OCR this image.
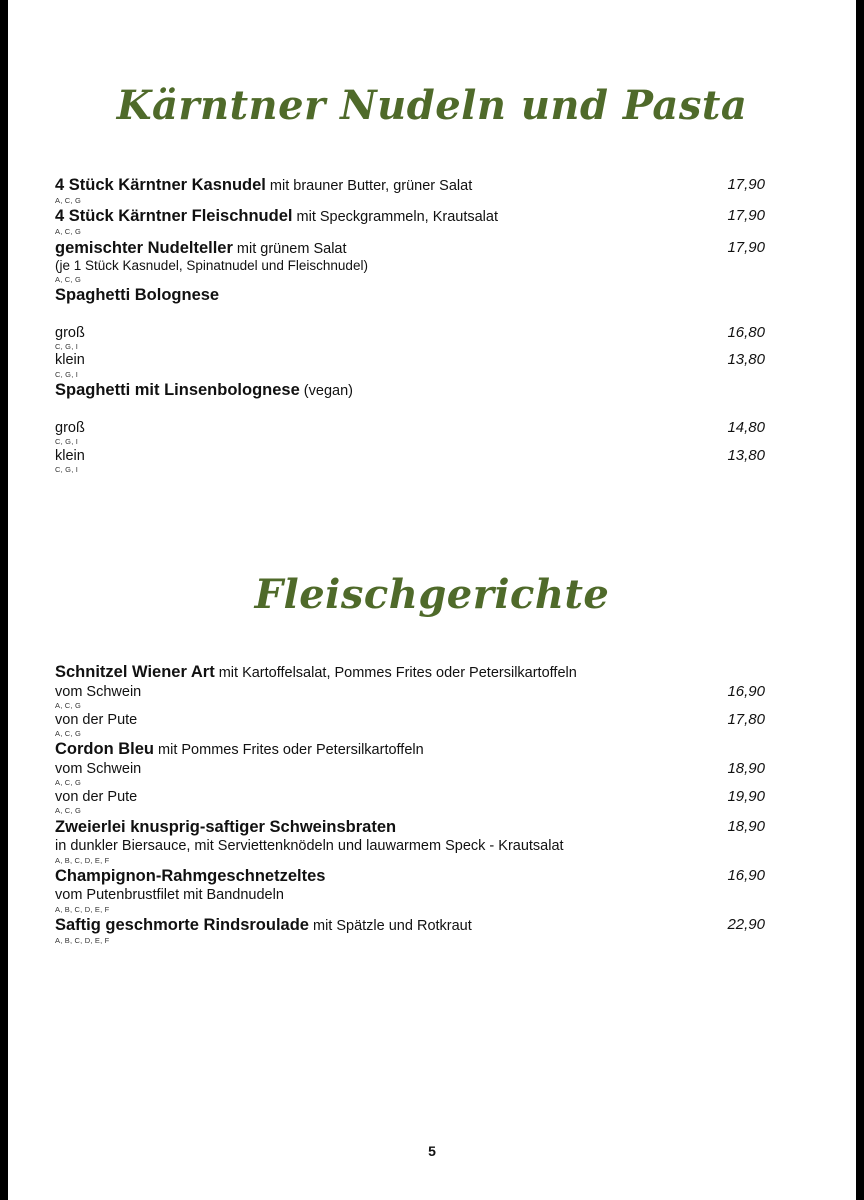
Kärntner Nudeln und Pasta
4 Stück Kärntner Kasnudel mit brauner Butter, grüner Salat	17,90
A, C, G
4 Stück Kärntner Fleischnudel mit Speckgrammeln, Krautsalat	17,90
A, C, G
gemischter Nudelteller mit grünem Salat	17,90
(je 1 Stück Kasnudel, Spinatnudel und Fleischnudel)
A, C, G
Spaghetti Bolognese
groß	16,80
C, G, I
klein	13,80
C, G, I
Spaghetti mit Linsenbolognese (vegan)
groß	14,80
C, G, I
klein	13,80
C, G, I
Fleischgerichte
Schnitzel Wiener Art mit Kartoffelsalat, Pommes Frites oder Petersilkartoffeln
vom Schwein	16,90
A, C, G
von der Pute	17,80
A, C, G
Cordon Bleu mit Pommes Frites oder Petersilkartoffeln
vom Schwein	18,90
A, C, G
von der Pute	19,90
A, C, G
Zweierlei knusprig-saftiger Schweinsbraten	18,90
in dunkler Biersauce, mit Serviettenknödeln und lauwarmem Speck - Krautsalat
A, B, C, D, E, F
Champignon-Rahmgeschnetzeltes	16,90
vom Putenbrustfilet mit Bandnudeln
A, B, C, D, E, F
Saftig geschmorte Rindsroulade mit Spätzle und Rotkraut	22,90
A, B, C, D, E, F
5
